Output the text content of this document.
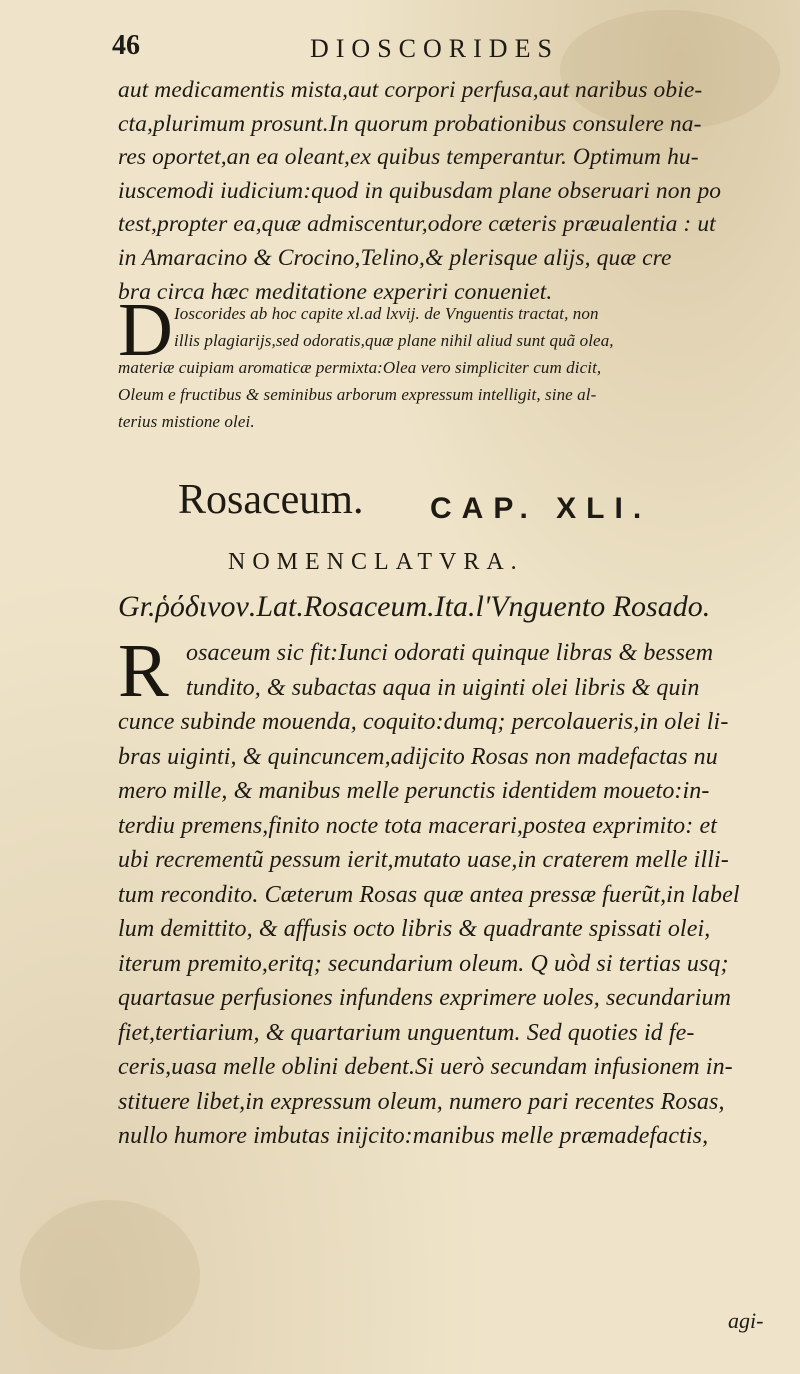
46	DIOSCORIDES
aut medicamentis mista,aut corpori perfusa,aut naribus obie-
cta,plurimum prosunt.In quorum probationibus consulere na-
res oportet,an ea oleant,ex quibus temperantur. Optimum hu-
iuscemodi iudicium:quod in quibusdam plane obseruari non po
test,propter ea,quæ admiscentur,odore cæteris præualentia : ut
in Amaracino & Crocino,Telino,& plerisque alijs, quæ cre
bra circa hæc meditatione experiri conueniet.
D Ioscorides ab hoc capite xl.ad lxvij. de Vnguentis tractat, non
illis plagiarijs,sed odoratis,quæ plane nihil aliud sunt quã olea,
materiæ cuipiam aromaticæ permixta:Olea vero simpliciter cum dicit,
Oleum e fructibus & seminibus arborum expressum intelligit, sine al-
terius mistione olei.
Rosaceum. CAP. XLI.
NOMENCLATVRA.
Gr.ῥόδινον.Lat.Rosaceum.Ita.l'Vnguento Rosado.
R osaceum sic fit:Iunci odorati quinque libras & bessem
tundito, & subactas aqua in uiginti olei libris & quin
cunce subinde mouenda, coquito:dumq; percolaueris,in olei li-
bras uiginti, & quincuncem,adijcito Rosas non madefactas nu
mero mille, & manibus melle perunctis identidem moueto:in-
terdiu premens,finito nocte tota macerari,postea exprimito: et
ubi recrementũ pessum ierit,mutato uase,in craterem melle illi-
tum recondito. Cæterum Rosas quæ antea pressæ fuerũt,in label
lum demittito, & affusis octo libris & quadrante spissati olei,
iterum premito,eritq; secundarium oleum. Q uòd si tertias usq;
quartasue perfusiones infundens exprimere uoles, secundarium
fiet,tertiarium, & quartarium unguentum. Sed quoties id fe-
ceris,uasa melle oblini debent.Si uerò secundam infusionem in-
stituere libet,in expressum oleum, numero pari recentes Rosas,
nullo humore imbutas inijcito:manibus melle præmadefactis,
agi-
